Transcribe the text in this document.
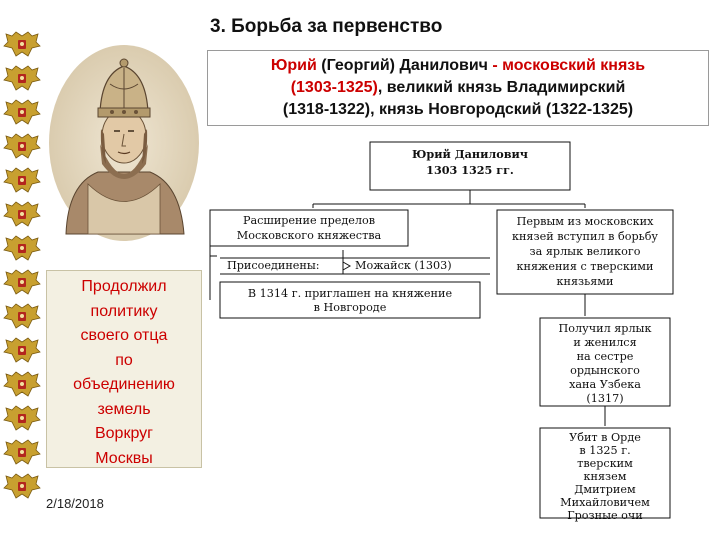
3. Борьба за первенство

Юрий (Георгий) Данилович - московский князь
(1303-1325), великий князь Владимирский
(1318-1322), князь Новгородский (1322-1325)

Продолжил
политику
своего отца
по
объединению
земель
Воркруг
Москвы

2/18/2018
Юрий Данилович
1303 1325 гг.
Расширение пределов
Московского княжества
Присоединены:	Можайск (1303)
В 1314 г. приглашен на княжение
в Новгороде
Первым из московских
князей вступил в борьбу
за ярлык великого
княжения с тверскими
князьями
Получил ярлык
и женился
на сестре
ордынского
хана Узбека
(1317)
Убит в Орде
в 1325 г.
тверским
князем
Дмитрием
Михайловичем
Грозные очи
